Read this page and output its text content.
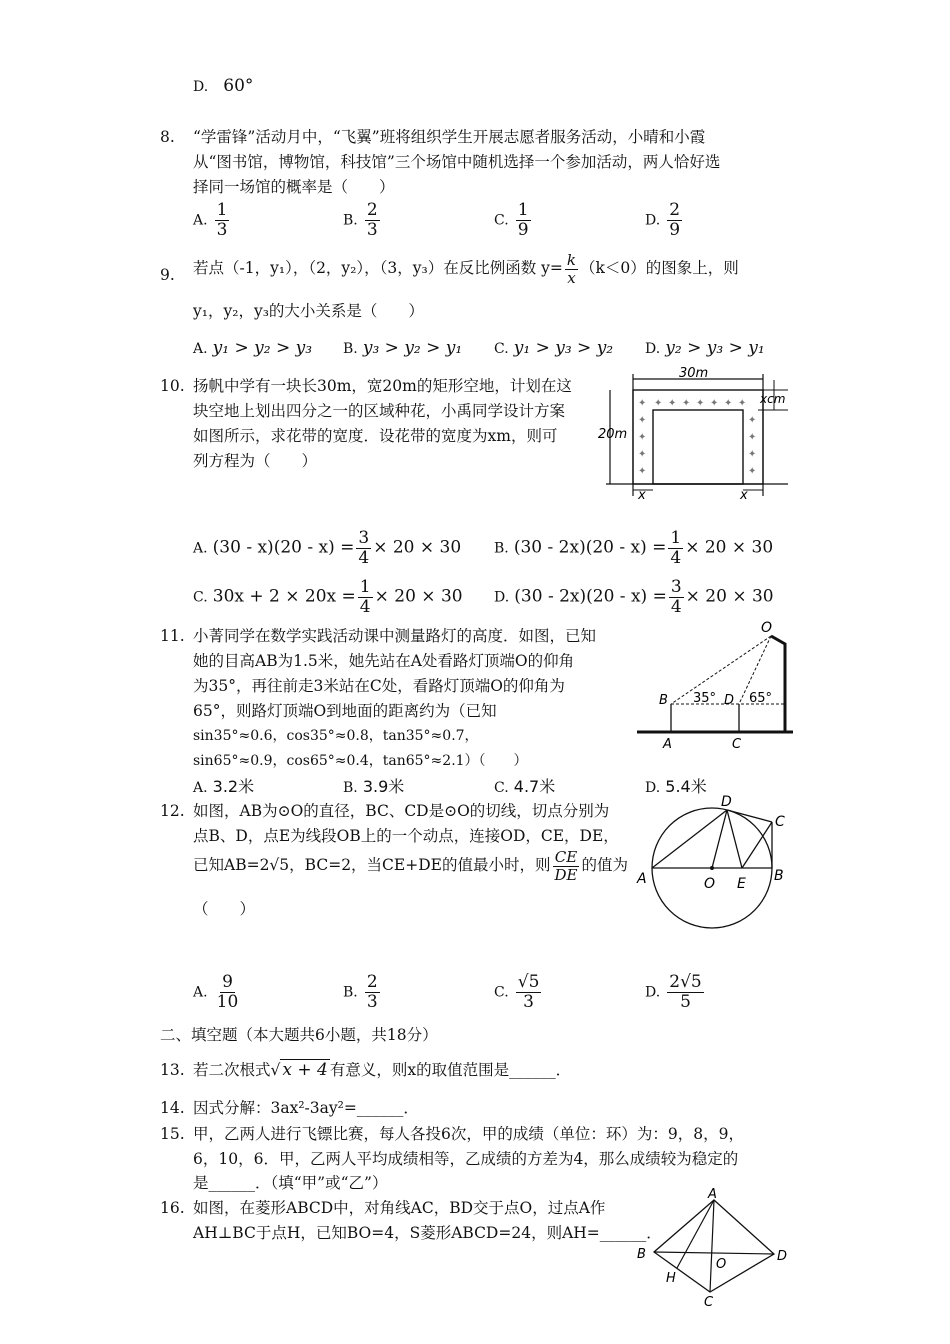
D. 60°
8. “学雷锋”活动月中，“飞翼”班将组织学生开展志愿者服务活动，小晴和小霞
从“图书馆，博物馆，科技馆”三个场馆中随机选择一个参加活动，两人恰好选
择同一场馆的概率是（　　）
A. $\frac{1}{3}$	B. $\frac{2}{3}$	C. $\frac{1}{9}$	D. $\frac{2}{9}$
9. 若点（-1，y₁），（2，y₂），（3，y₃）在反比例函数 $y= \frac{k}{x} (k<0)$的图象上，则
y₁，y₂，y₃的大小关系是（　　）
A. y₁ > y₂ > y₃ B. y₃ > y₂ > y₁ C. y₁ > y₃ > y₂ D. y₂ > y₃ > y₁
10. 扬帆中学有一块长30m，宽20m的矩形空地，计划在这
块空地上划出四分之一的区域种花，小禹同学设计方案
如图所示，求花带的宽度．设花带的宽度为xm，则可
列方程为（　　）
30m
20m
xcm
x	x
✦ ✦ ✦ ✦ ✦ ✦ ✦
✦
✦
✦
✦
✦
✦
✦
✦
✦
A. $(30 - x)(20 - x) = \frac{3}{4} \times 20 \times 30$ B. $(30 - 2x)(20 - x) = \frac{1}{4} \times 20 \times 30$
C. $30x + 2 \times 20x = \frac{1}{4} \times 20 \times 30$ D. $(30 - 2x)(20 - x) = \frac{3}{4} \times 20 \times 30$
11. 小菁同学在数学实践活动课中测量路灯的高度．如图，已知
她的目高AB为1.5米，她先站在A处看路灯顶端O的仰角
为35°，再往前走3米站在C处，看路灯顶端O的仰角为
65°，则路灯顶端O到地面的距离约为（已知
sin35°≈0.6，cos35°≈0.8，tan35°≈0.7，
sin65°≈0.9，cos65°≈0.4，tan65°≈2.1）（　　）
O
B 35° D 65°
A	C
A. 3.2米	B. 3.9米	C. 4.7米	D. 5.4米
12. 如图，AB为⊙O的直径，BC、CD是⊙O的切线，切点分别为
点B、D，点E为线段OB上的一个动点，连接OD，CE，DE，
已知AB=2√5，BC=2，当CE+DE的值最小时，则 $\frac{CE}{DE}$ 的值为
（　　）
D
C
A	O E B
A. $\frac{9}{10}$	B. $\frac{2}{3}$	C. $\frac{√5}{3}$	D. $\frac{2√5}{5}$
二、填空题（本大题共6小题，共18分）
13. 若二次根式√ x + 4 有意义，则x的取值范围是______．
14. 因式分解：3ax²-3ay²=______．
15. 甲，乙两人进行飞镖比赛，每人各投6次，甲的成绩（单位：环）为：9，8，9，
6，10，6．甲，乙两人平均成绩相等，乙成绩的方差为4，那么成绩较为稳定的
是______．（填“甲”或“乙”）
16. 如图，在菱形ABCD中，对角线AC，BD交于点O，过点A作
AH⊥BC于点H，已知BO=4，S菱形ABCD=24，则AH=______．
A
B	D
C
H
O
